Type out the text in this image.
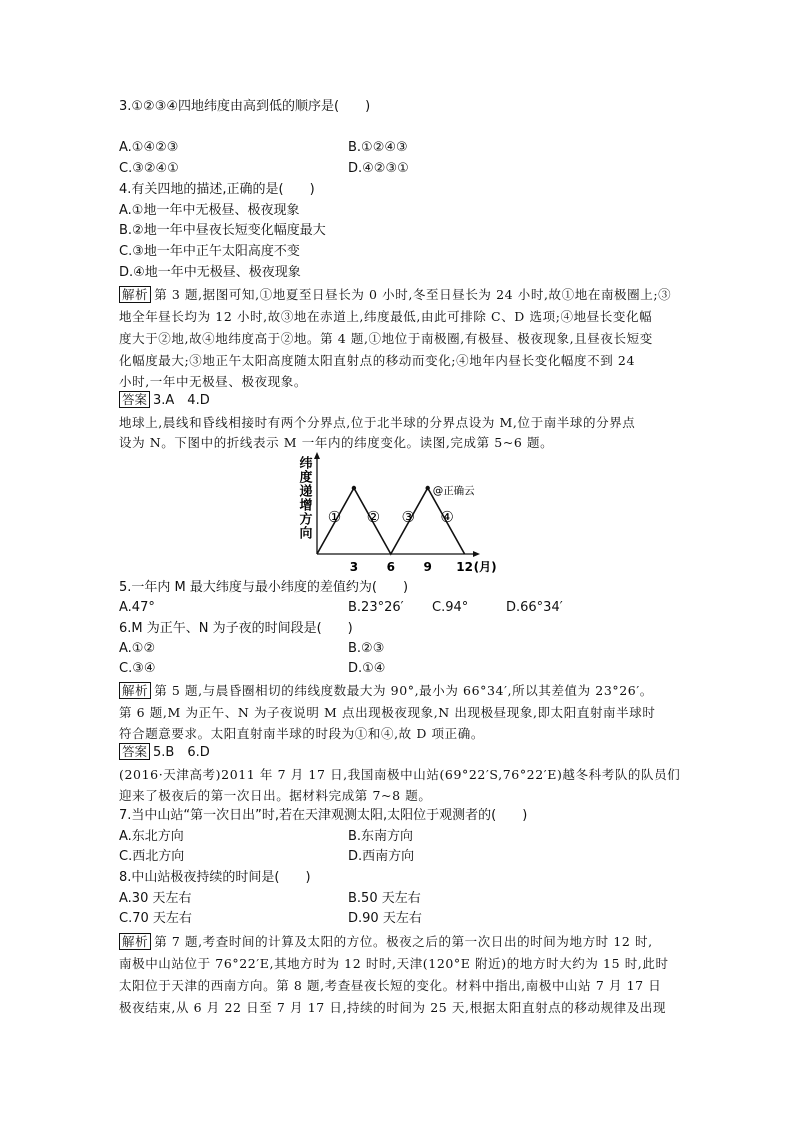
3.①②③④四地纬度由高到低的顺序是(　　)
A.①④②③	B.①②④③
C.③②④①	D.④②③①
4.有关四地的描述,正确的是(　　)
A.①地一年中无极昼、极夜现象
B.②地一年中昼夜长短变化幅度最大
C.③地一年中正午太阳高度不变
D.④地一年中无极昼、极夜现象
解析 第 3 题,据图可知,①地夏至日昼长为 0 小时,冬至日昼长为 24 小时,故①地在南极圈上;③
地全年昼长均为 12 小时,故③地在赤道上,纬度最低,由此可排除 C、D 选项;④地昼长变化幅
度大于②地,故④地纬度高于②地。第 4 题,①地位于南极圈,有极昼、极夜现象,且昼夜长短变
化幅度最大;③地正午太阳高度随太阳直射点的移动而变化;④地年内昼长变化幅度不到 24
小时,一年中无极昼、极夜现象。
答案 3.A　4.D
地球上,晨线和昏线相接时有两个分界点,位于北半球的分界点设为 M,位于南半球的分界点
设为 N。下图中的折线表示 M 一年内的纬度变化。读图,完成第 5~6 题。
纬度递增方向
3 6 9 12 (月)
① ② ③ ④
@正确云
5.一年内 M 最大纬度与最小纬度的差值约为(　　)
A.47°	B.23°26′ C.94°	D.66°34′
6.M 为正午、N 为子夜的时间段是(　　)
A.①②	B.②③
C.③④	D.①④
解析 第 5 题,与晨昏圈相切的纬线度数最大为 90°,最小为 66°34′,所以其差值为 23°26′。
第 6 题,M 为正午、N 为子夜说明 M 点出现极夜现象,N 出现极昼现象,即太阳直射南半球时
符合题意要求。太阳直射南半球的时段为①和④,故 D 项正确。
答案 5.B　6.D
(2016·天津高考)2011 年 7 月 17 日,我国南极中山站(69°22′S,76°22′E)越冬科考队的队员们
迎来了极夜后的第一次日出。据材料完成第 7~8 题。
7.当中山站“第一次日出”时,若在天津观测太阳,太阳位于观测者的(　　)
A.东北方向	B.东南方向
C.西北方向	D.西南方向
8.中山站极夜持续的时间是(　　)
A.30 天左右	B.50 天左右
C.70 天左右	D.90 天左右
解析 第 7 题,考查时间的计算及太阳的方位。极夜之后的第一次日出的时间为地方时 12 时,
南极中山站位于 76°22′E,其地方时为 12 时时,天津(120°E 附近)的地方时大约为 15 时,此时
太阳位于天津的西南方向。第 8 题,考查昼夜长短的变化。材料中指出,南极中山站 7 月 17 日
极夜结束,从 6 月 22 日至 7 月 17 日,持续的时间为 25 天,根据太阳直射点的移动规律及出现
